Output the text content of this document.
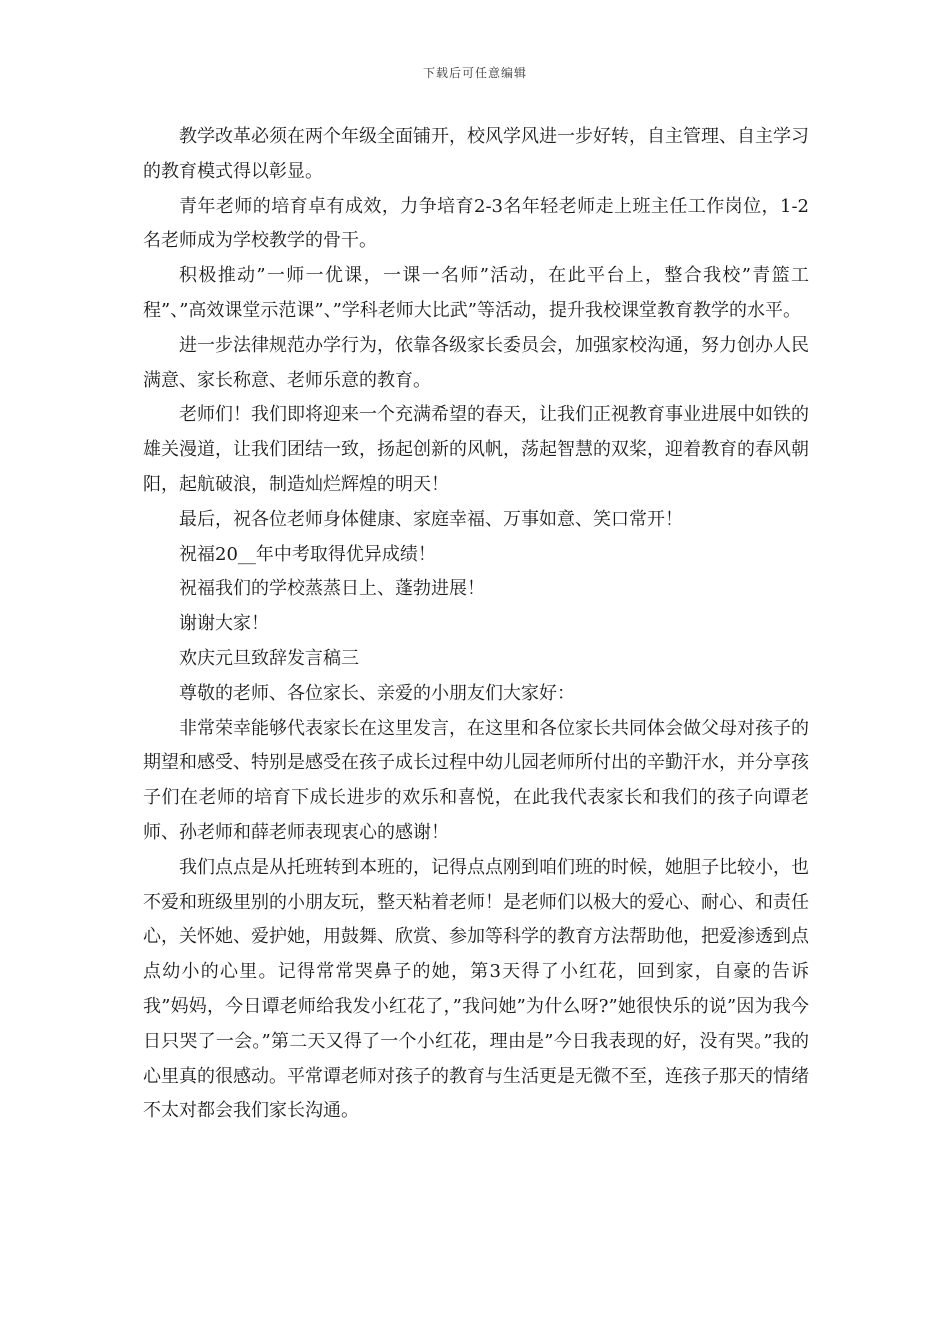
下载后可任意编辑

教学改革必须在两个年级全面铺开，校风学风进一步好转，自主管理、自主学习的教育模式得以彰显。

青年老师的培育卓有成效，力争培育2-3名年轻老师走上班主任工作岗位，1-2名老师成为学校教学的骨干。

积极推动”一师一优课，一课一名师”活动，在此平台上，整合我校”青篮工程”、”高效课堂示范课”、”学科老师大比武”等活动，提升我校课堂教育教学的水平。

进一步法律规范办学行为，依靠各级家长委员会，加强家校沟通，努力创办人民满意、家长称意、老师乐意的教育。

老师们！我们即将迎来一个充满希望的春天，让我们正视教育事业进展中如铁的雄关漫道，让我们团结一致，扬起创新的风帆，荡起智慧的双桨，迎着教育的春风朝阳，起航破浪，制造灿烂辉煌的明天！

最后，祝各位老师身体健康、家庭幸福、万事如意、笑口常开！

祝福20__年中考取得优异成绩！

祝福我们的学校蒸蒸日上、蓬勃进展！

谢谢大家！

欢庆元旦致辞发言稿三

尊敬的老师、各位家长、亲爱的小朋友们大家好：

非常荣幸能够代表家长在这里发言，在这里和各位家长共同体会做父母对孩子的期望和感受、特别是感受在孩子成长过程中幼儿园老师所付出的辛勤汗水，并分享孩子们在老师的培育下成长进步的欢乐和喜悦，在此我代表家长和我们的孩子向谭老师、孙老师和薛老师表现衷心的感谢！

我们点点是从托班转到本班的，记得点点刚到咱们班的时候，她胆子比较小，也不爱和班级里别的小朋友玩，整天粘着老师！是老师们以极大的爱心、耐心、和责任心，关怀她、爱护她，用鼓舞、欣赏、参加等科学的教育方法帮助他，把爱渗透到点点幼小的心里。记得常常哭鼻子的她，第3天得了小红花，回到家，自豪的告诉我”妈妈，今日谭老师给我发小红花了，”我问她”为什么呀?”她很快乐的说”因为我今日只哭了一会。”第二天又得了一个小红花，理由是”今日我表现的好，没有哭。”我的心里真的很感动。平常谭老师对孩子的教育与生活更是无微不至，连孩子那天的情绪不太对都会我们家长沟通。
